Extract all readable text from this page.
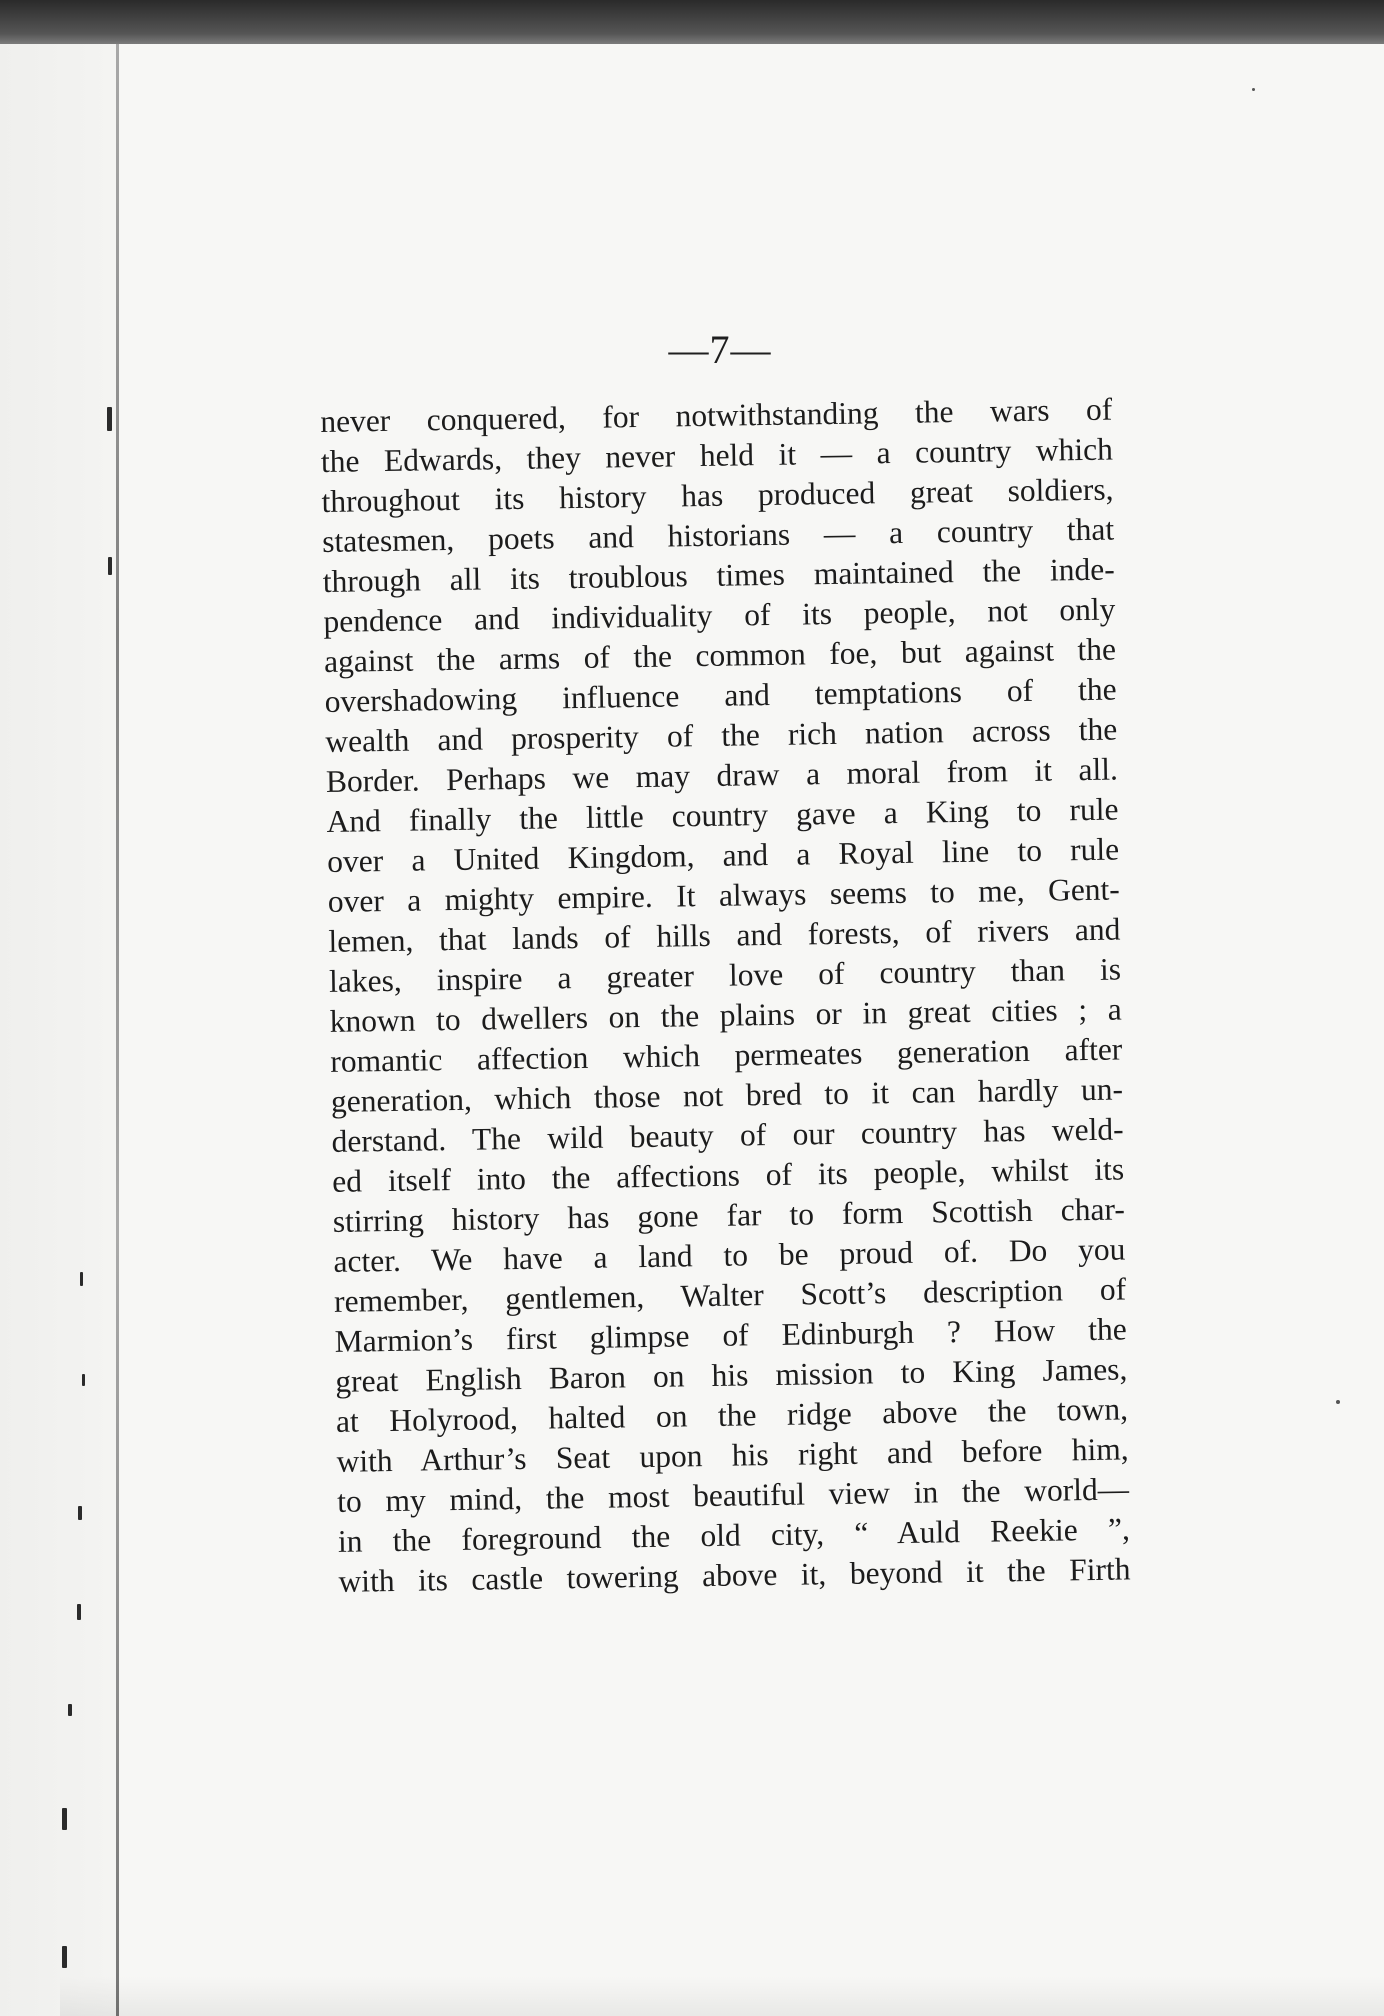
—7—
never conquered, for notwithstanding the wars of
the Edwards, they never held it — a country which
throughout its history has produced great soldiers,
statesmen, poets and historians — a country that
through all its troublous times maintained the inde-
pendence and individuality of its people, not only
against the arms of the common foe, but against the
overshadowing influence and temptations of the
wealth and prosperity of the rich nation across the
Border. Perhaps we may draw a moral from it all.
And finally the little country gave a King to rule
over a United Kingdom, and a Royal line to rule
over a mighty empire. It always seems to me, Gent-
lemen, that lands of hills and forests, of rivers and
lakes, inspire a greater love of country than is
known to dwellers on the plains or in great cities ; a
romantic affection which permeates generation after
generation, which those not bred to it can hardly un-
derstand. The wild beauty of our country has weld-
ed itself into the affections of its people, whilst its
stirring history has gone far to form Scottish char-
acter. We have a land to be proud of. Do you
remember, gentlemen, Walter Scott’s description of
Marmion’s first glimpse of Edinburgh ? How the
great English Baron on his mission to King James,
at Holyrood, halted on the ridge above the town,
with Arthur’s Seat upon his right and before him,
to my mind, the most beautiful view in the world—
in the foreground the old city, “ Auld Reekie ”,
with its castle towering above it, beyond it the Firth
